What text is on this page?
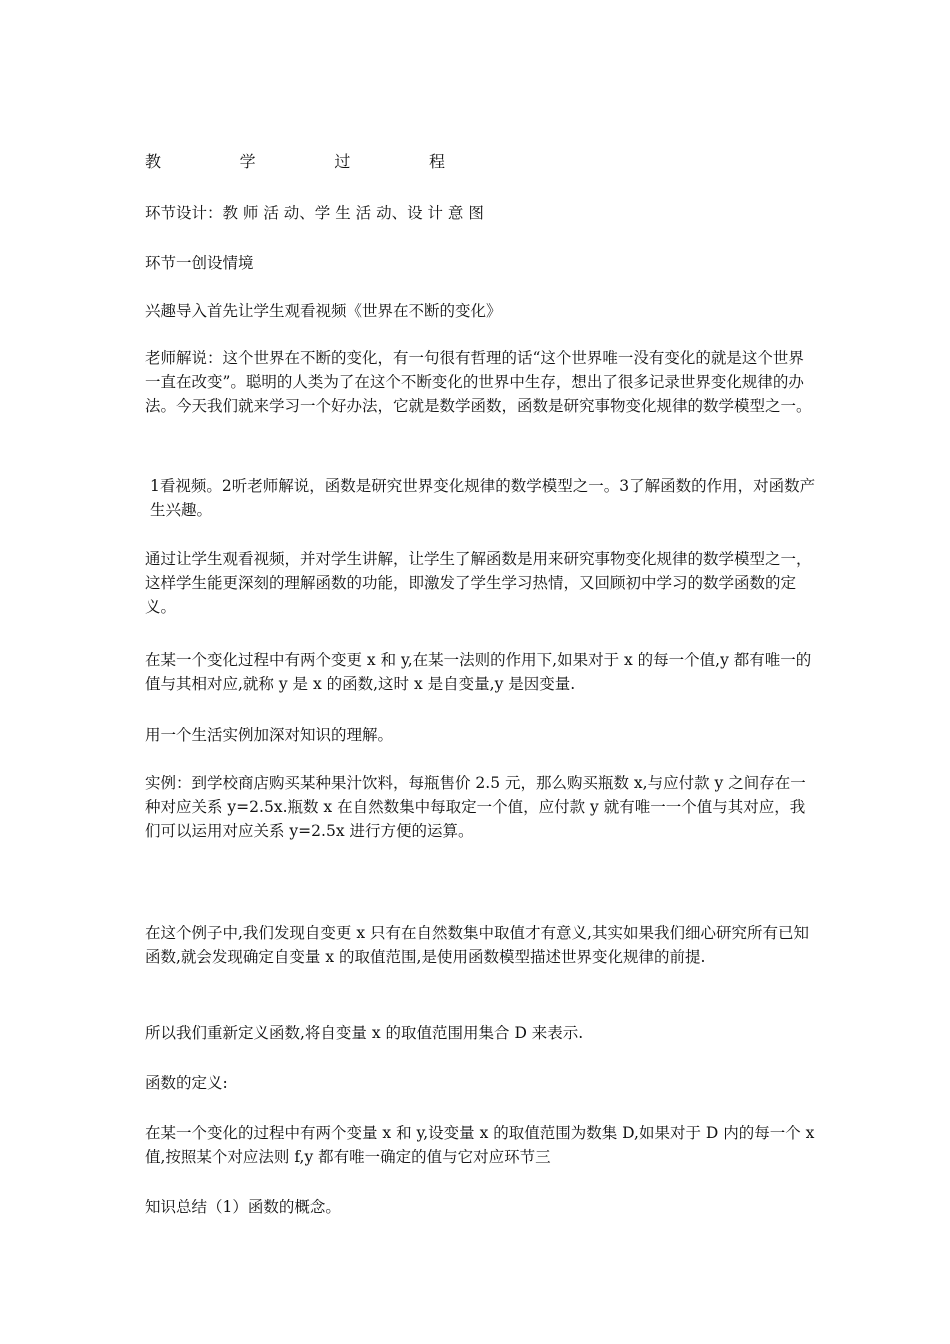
教	学	过	程

环节设计：教 师 活 动、学 生 活 动、设 计 意 图

环节一创设情境

兴趣导入首先让学生观看视频《世界在不断的变化》

老师解说：这个世界在不断的变化，有一句很有哲理的话“这个世界唯一没有变化的就是这个世界一直在改变”。聪明的人类为了在这个不断变化的世界中生存，想出了很多记录世界变化规律的办法。今天我们就来学习一个好办法，它就是数学函数，函数是研究事物变化规律的数学模型之一。

1看视频。2听老师解说，函数是研究世界变化规律的数学模型之一。3了解函数的作用，对函数产生兴趣。

通过让学生观看视频，并对学生讲解，让学生了解函数是用来研究事物变化规律的数学模型之一，这样学生能更深刻的理解函数的功能，即激发了学生学习热情，又回顾初中学习的数学函数的定义。

在某一个变化过程中有两个变更 x 和 y,在某一法则的作用下,如果对于 x 的每一个值,y 都有唯一的值与其相对应,就称 y 是 x 的函数,这时 x 是自变量,y 是因变量.

用一个生活实例加深对知识的理解。

实例：到学校商店购买某种果汁饮料，每瓶售价 2.5 元，那么购买瓶数 x,与应付款 y 之间存在一种对应关系 y=2.5x.瓶数 x 在自然数集中每取定一个值，应付款 y 就有唯一一个值与其对应，我们可以运用对应关系 y=2.5x 进行方便的运算。

在这个例子中,我们发现自变更 x 只有在自然数集中取值才有意义,其实如果我们细心研究所有已知函数,就会发现确定自变量 x 的取值范围,是使用函数模型描述世界变化规律的前提.

所以我们重新定义函数,将自变量 x 的取值范围用集合 D 来表示.

函数的定义:

在某一个变化的过程中有两个变量 x 和 y,设变量 x 的取值范围为数集 D,如果对于 D 内的每一个 x 值,按照某个对应法则 f,y 都有唯一确定的值与它对应环节三

知识总结（1）函数的概念。
